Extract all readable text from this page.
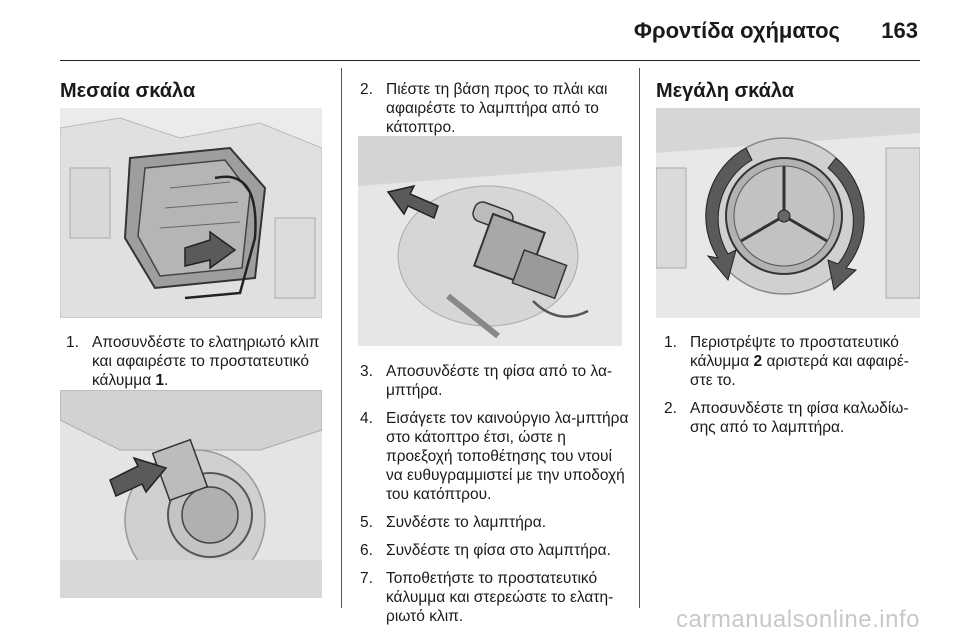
Φροντίδα οχήματος 163
Μεσαία σκάλα
1. Αποσυνδέστε το ελατηριωτό κλιπ και αφαιρέστε το προστατευτικό κάλυμμα 1.
2. Πιέστε τη βάση προς το πλάι και αφαιρέστε το λαμπτήρα από το κάτοπτρο.
3. Αποσυνδέστε τη φίσα από το λα-μπτήρα.
4. Εισάγετε τον καινούργιο λα-μπτήρα στο κάτοπτρο έτσι, ώστε η προεξοχή τοποθέτησης του ντουί να ευθυγραμμιστεί με την υποδοχή του κατόπτρου.
5. Συνδέστε το λαμπτήρα.
6. Συνδέστε τη φίσα στο λαμπτήρα.
7. Τοποθετήστε το προστατευτικό κάλυμμα και στερεώστε το ελατη-ριωτό κλιπ.
Μεγάλη σκάλα
1. Περιστρέψτε το προστατευτικό κάλυμμα 2 αριστερά και αφαιρέ-στε το.
2. Αποσυνδέστε τη φίσα καλωδίω-σης από το λαμπτήρα.
carmanualsonline.info
